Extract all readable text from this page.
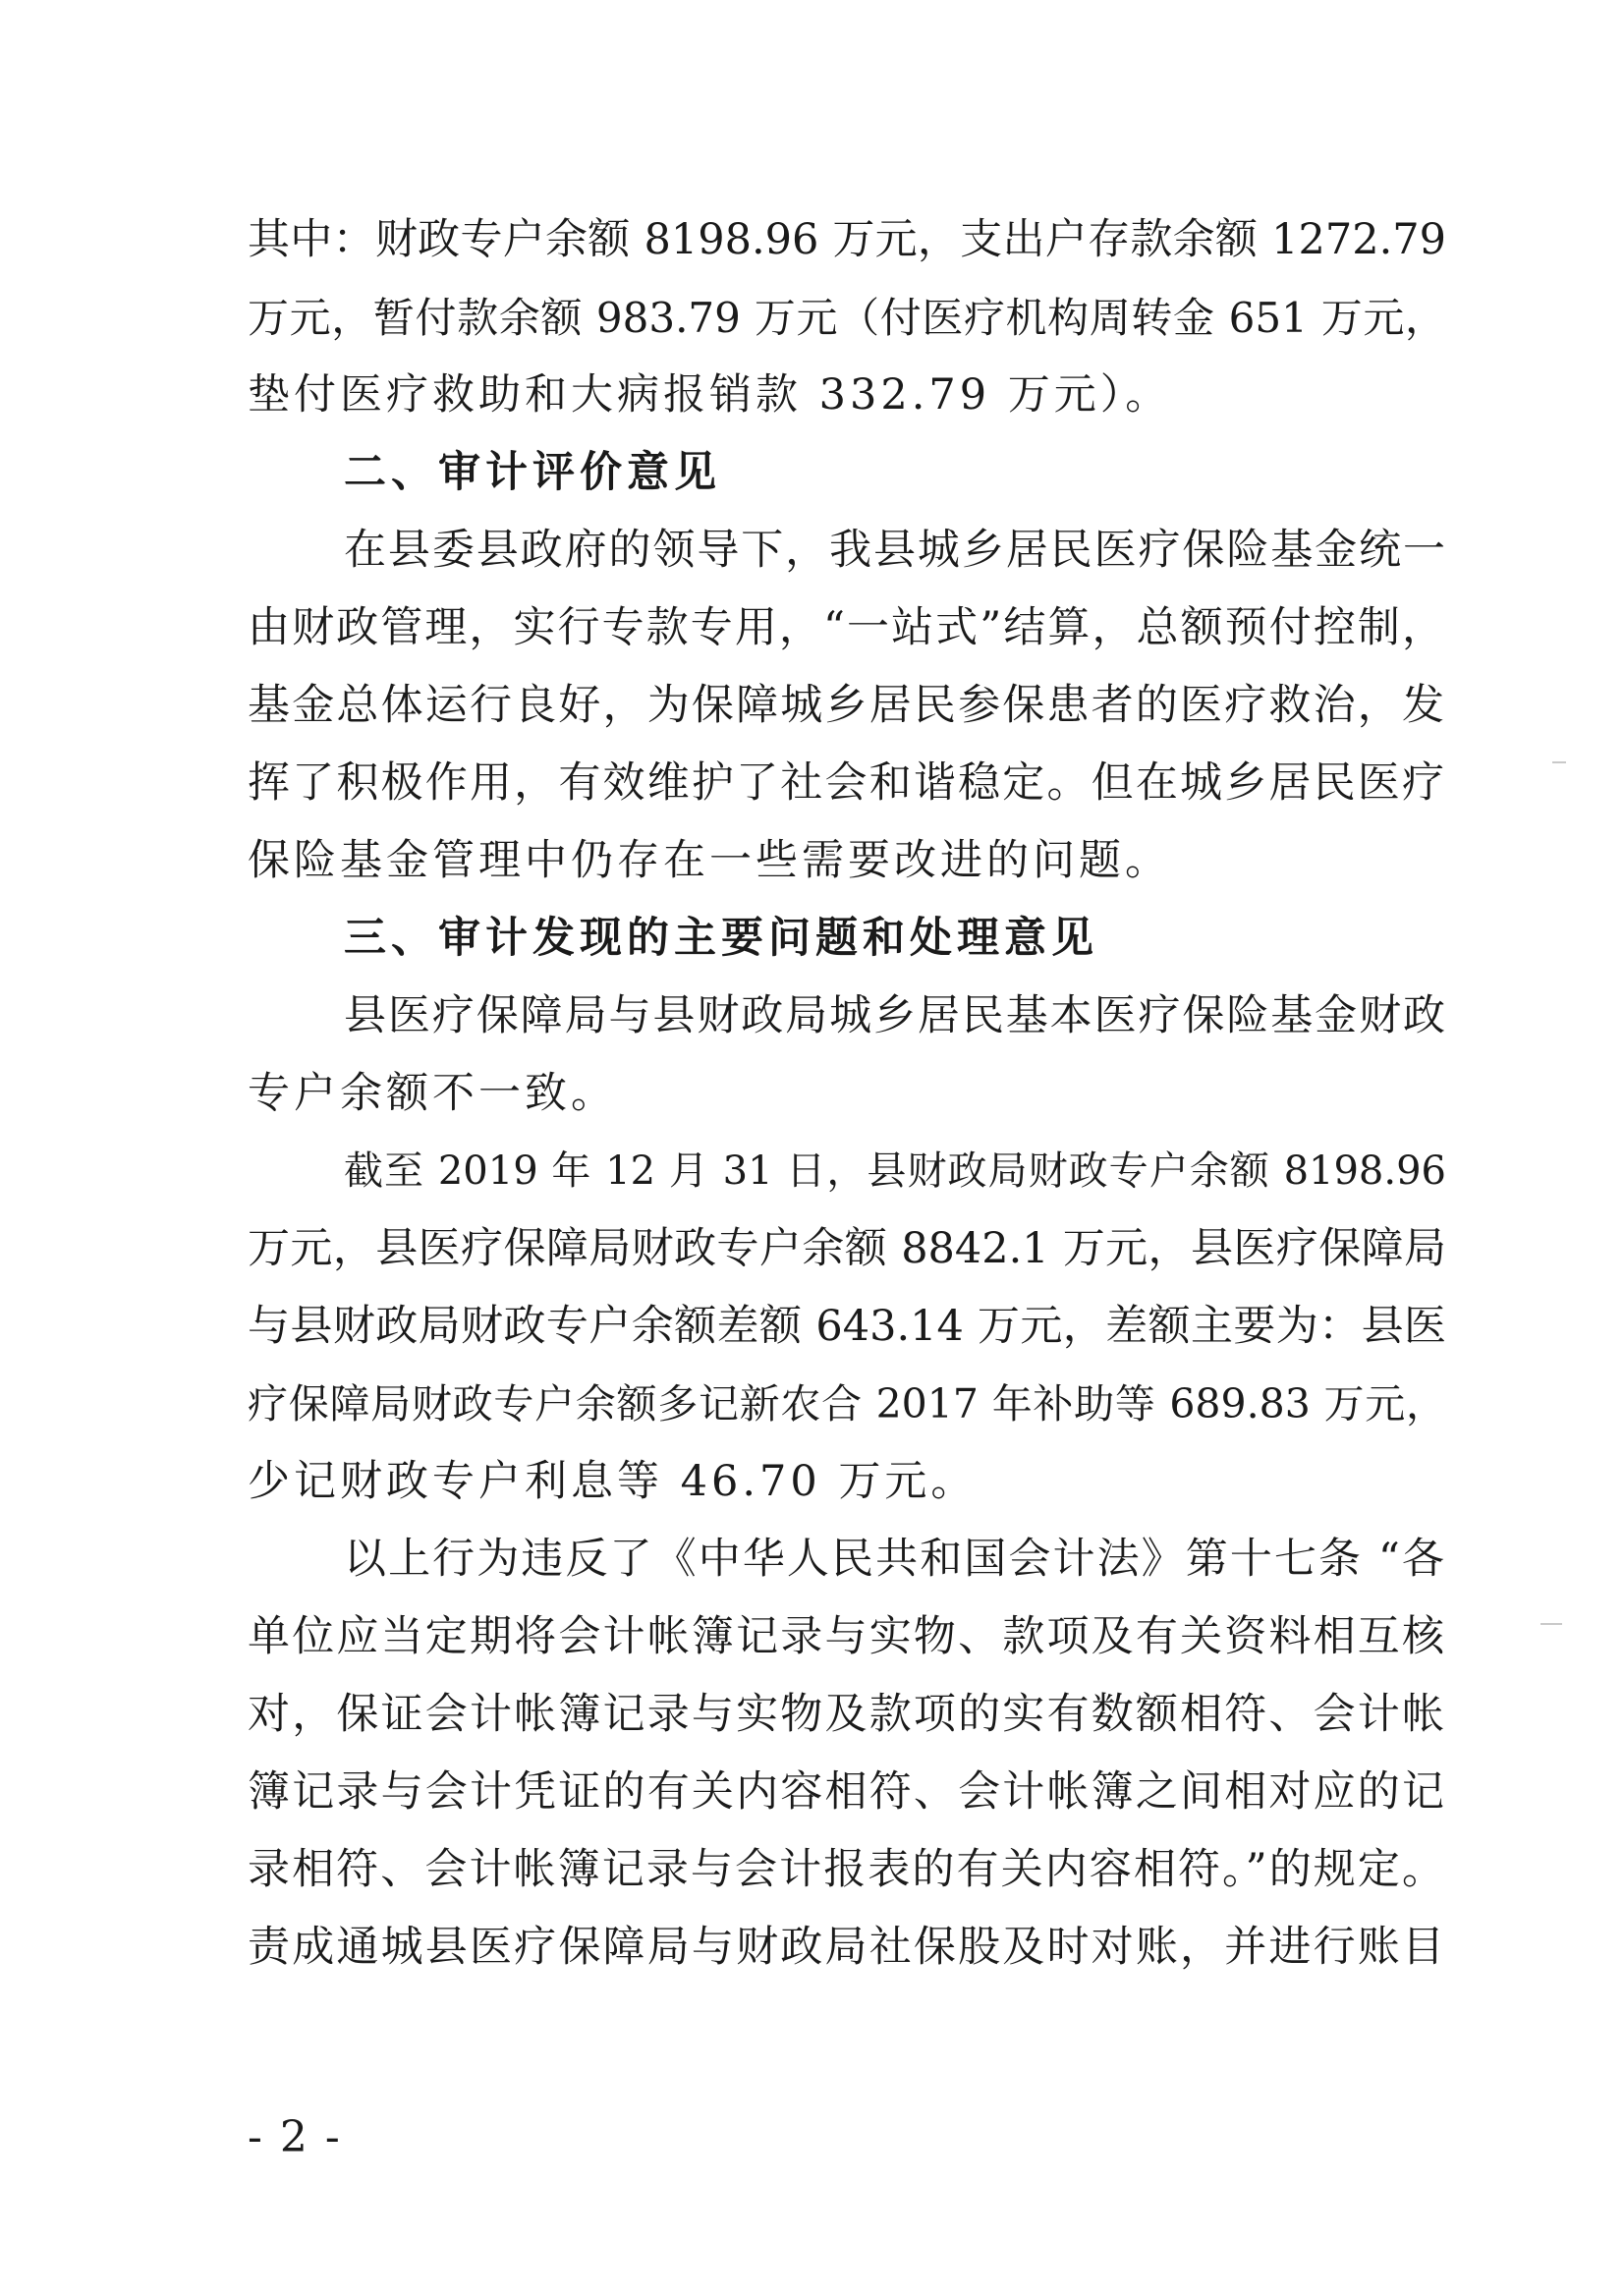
其中：财政专户余额 8198.96 万元，支出户存款余额 1272.79
万元，暂付款余额 983.79 万元（付医疗机构周转金 651 万元，
垫付医疗救助和大病报销款 332.79 万元）。
二、审计评价意见
在县委县政府的领导下，我县城乡居民医疗保险基金统一
由财政管理，实行专款专用，“一站式”结算，总额预付控制，
基金总体运行良好，为保障城乡居民参保患者的医疗救治，发
挥了积极作用，有效维护了社会和谐稳定。但在城乡居民医疗
保险基金管理中仍存在一些需要改进的问题。
三、审计发现的主要问题和处理意见
县医疗保障局与县财政局城乡居民基本医疗保险基金财政
专户余额不一致。
截至 2019 年 12 月 31 日，县财政局财政专户余额 8198.96
万元，县医疗保障局财政专户余额 8842.1 万元，县医疗保障局
与县财政局财政专户余额差额 643.14 万元，差额主要为：县医
疗保障局财政专户余额多记新农合 2017 年补助等 689.83 万元，
少记财政专户利息等 46.70 万元。
以上行为违反了《中华人民共和国会计法》第十七条 “各
单位应当定期将会计帐簿记录与实物、款项及有关资料相互核
对，保证会计帐簿记录与实物及款项的实有数额相符、会计帐
簿记录与会计凭证的有关内容相符、会计帐簿之间相对应的记
录相符、会计帐簿记录与会计报表的有关内容相符。”的规定。
责成通城县医疗保障局与财政局社保股及时对账，并进行账目
- 2 -
